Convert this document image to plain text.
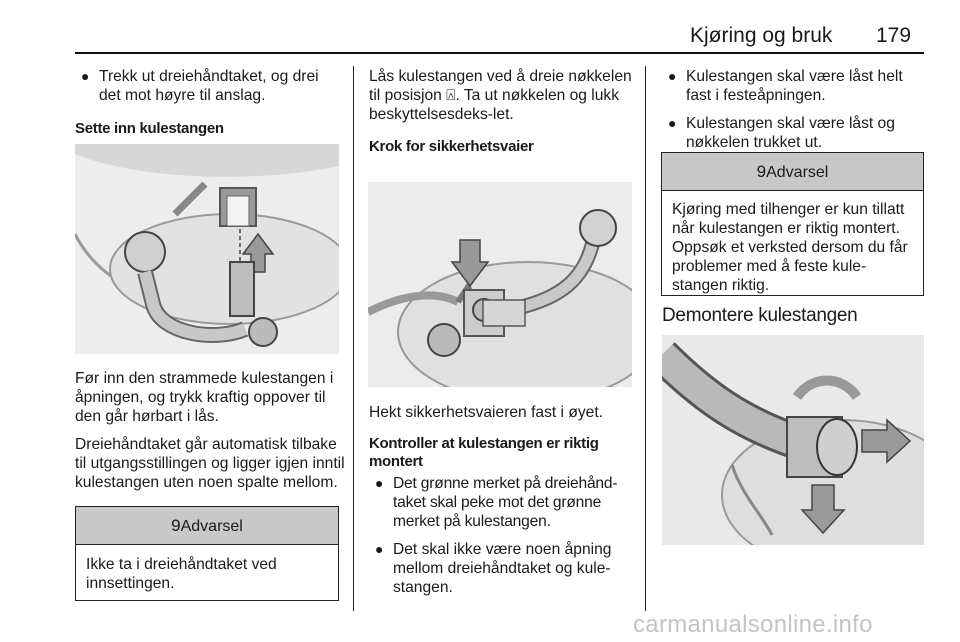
Kjøring og bruk 179

● Trekk ut dreiehåndtaket, og drei det mot høyre til anslag.

Sette inn kulestangen

Før inn den strammede kulestangen i åpningen, og trykk kraftig oppover til den går hørbart i lås.

Dreiehåndtaket går automatisk tilbake til utgangsstillingen og ligger igjen inntil kulestangen uten noen spalte mellom.

9Advarsel
Ikke ta i dreiehåndtaket ved innsettingen.

Lås kulestangen ved å dreie nøkkelen til posisjon ⍓. Ta ut nøkkelen og lukk beskyttelsesdeks-let.

Krok for sikkerhetsvaier

Hekt sikkerhetsvaieren fast i øyet.

Kontroller at kulestangen er riktig montert

● Det grønne merket på dreiehånd-taket skal peke mot det grønne merket på kulestangen.

● Det skal ikke være noen åpning mellom dreiehåndtaket og kule-stangen.

● Kulestangen skal være låst helt fast i festeåpningen.

● Kulestangen skal være låst og nøkkelen trukket ut.

9Advarsel
Kjøring med tilhenger er kun tillatt når kulestangen er riktig montert. Oppsøk et verksted dersom du får problemer med å feste kule-stangen riktig.
Demontere kulestangen
carmanualsonline.info
